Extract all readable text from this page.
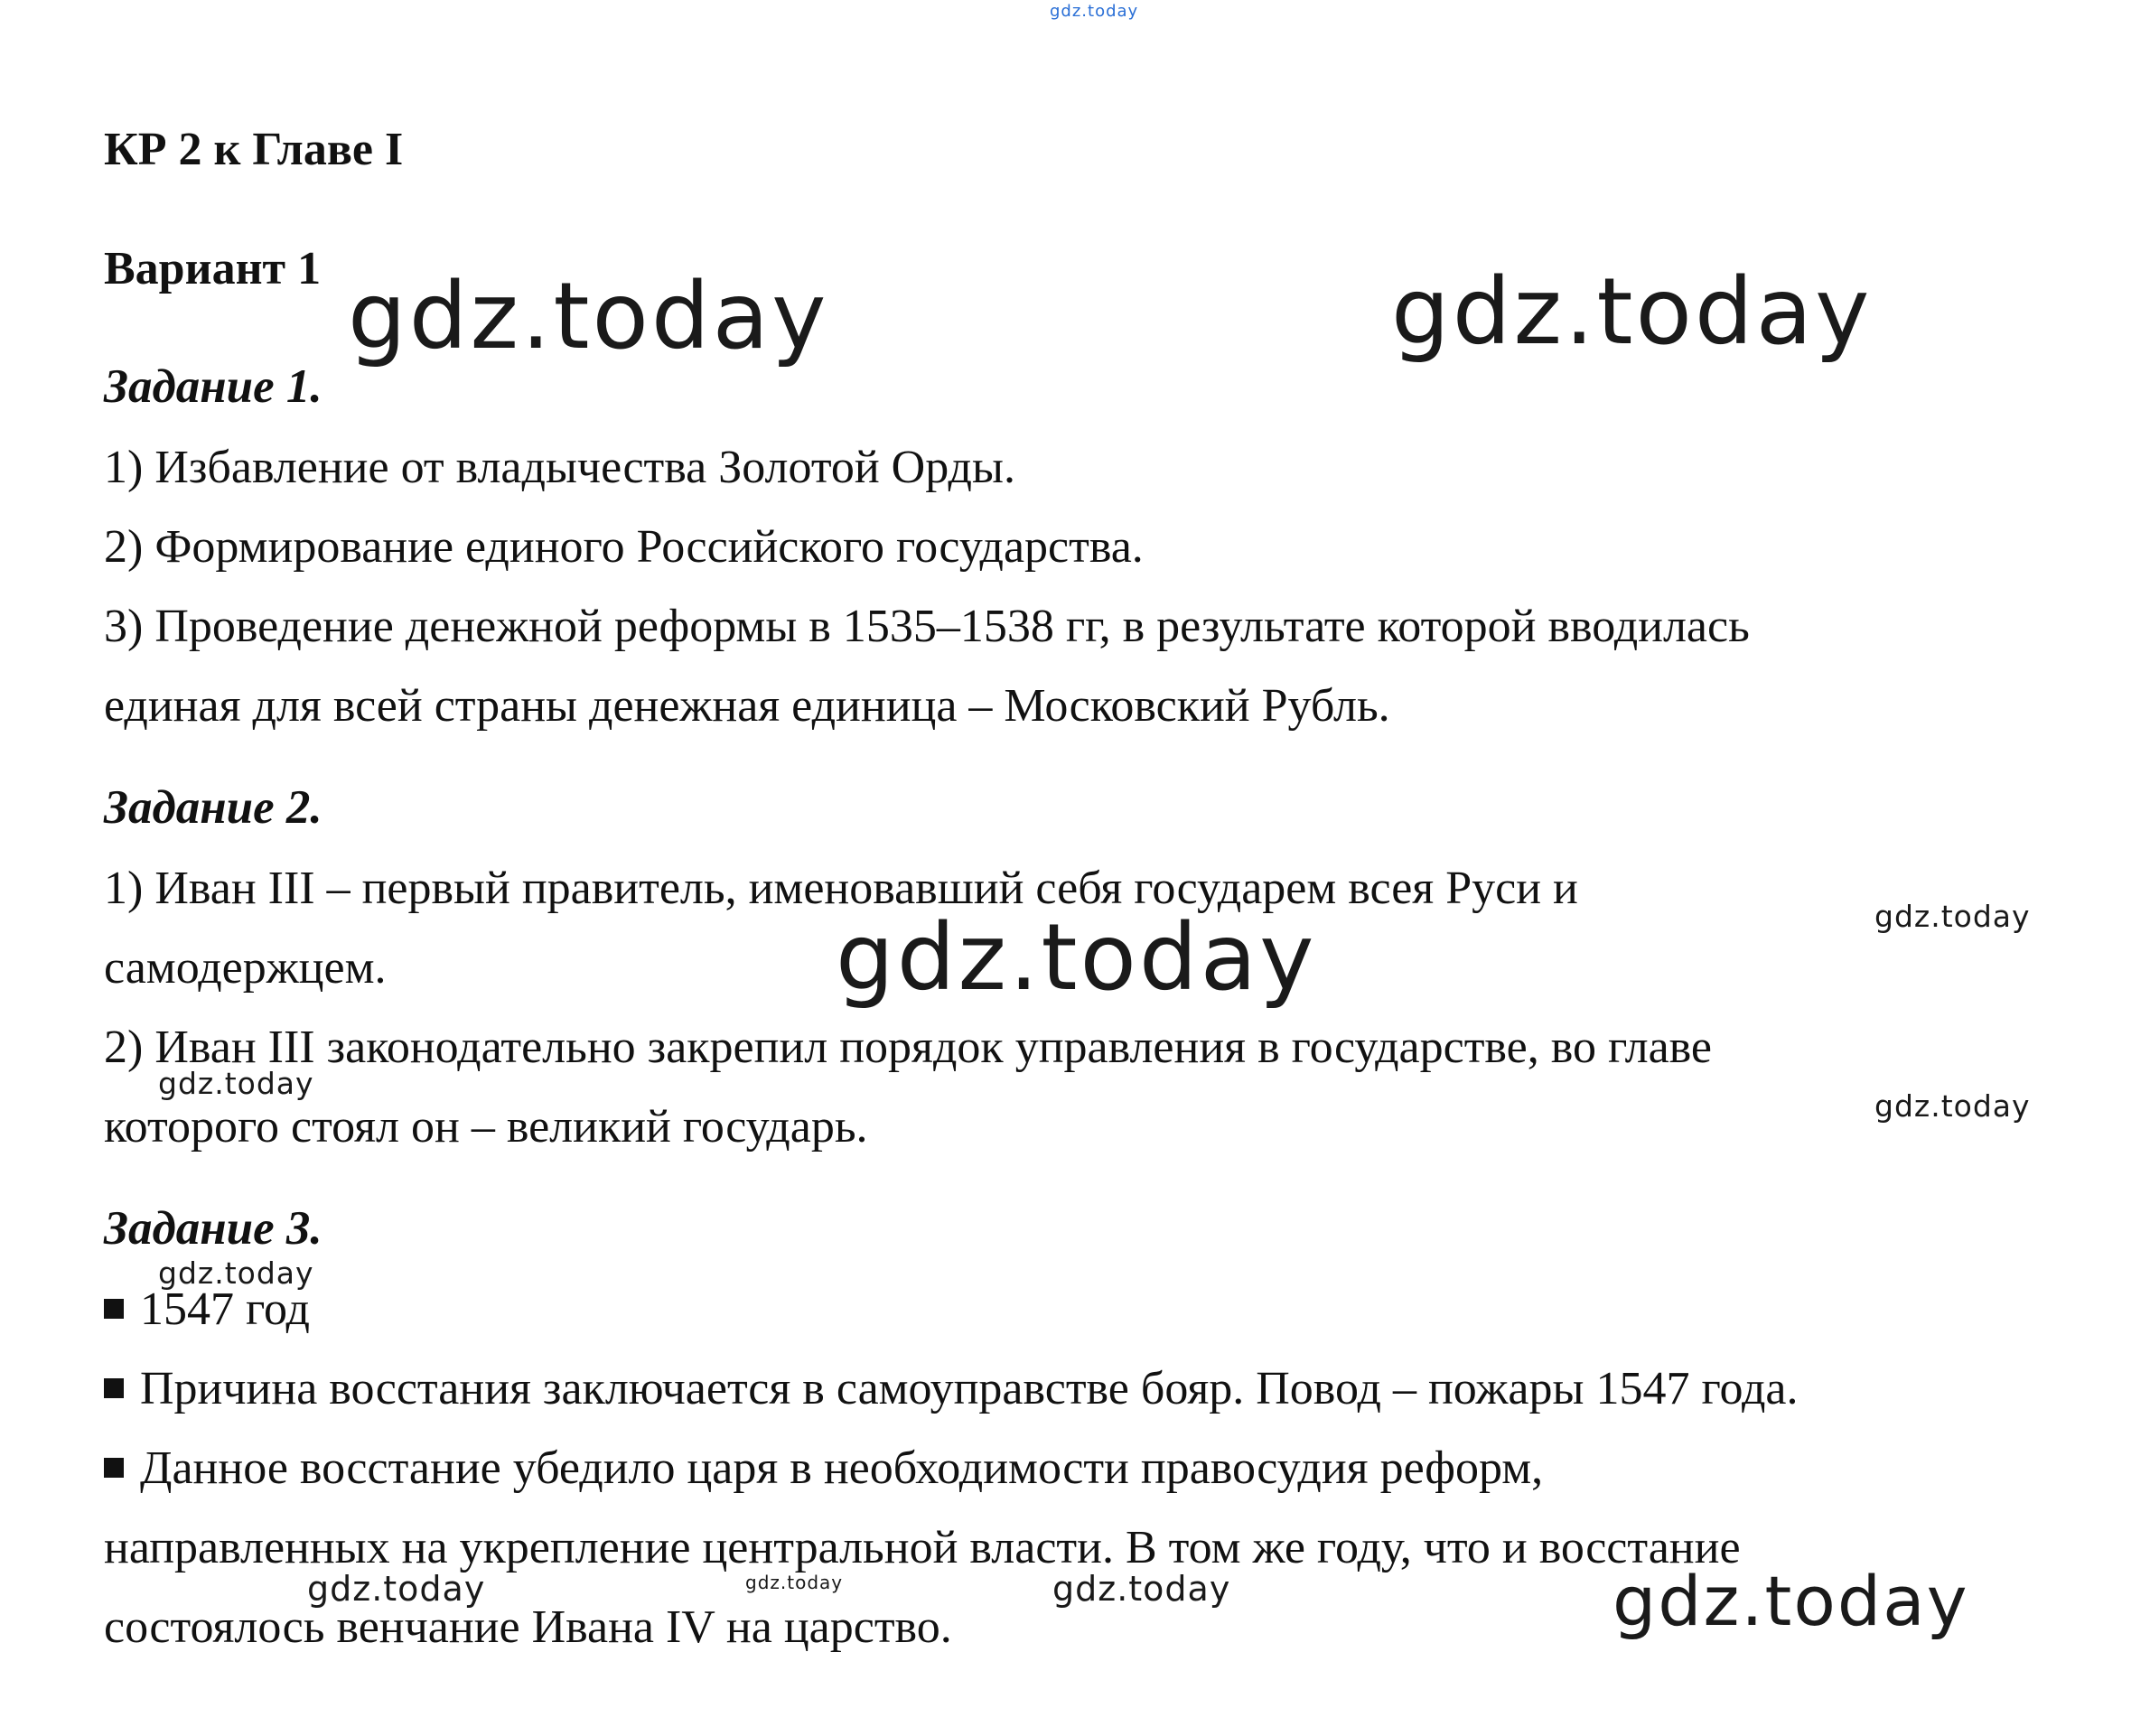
gdz.today
КР 2 к Главе I
Вариант 1
Задание 1.
1) Избавление от владычества Золотой Орды.
2) Формирование единого Российского государства.
3) Проведение денежной реформы в 1535–1538 гг, в результате которой вводилась
единая для всей страны денежная единица – Московский Рубль.
Задание 2.
1) Иван III – первый правитель, именовавший себя государем всея Руси и
самодержцем.
2) Иван III законодательно закрепил порядок управления в государстве, во главе
которого стоял он – великий государь.
Задание 3.
1547 год
Причина восстания заключается в самоуправстве бояр. Повод – пожары 1547 года.
Данное восстание убедило царя в необходимости правосудия реформ,
направленных на укрепление центральной власти. В том же году, что и восстание
состоялось венчание Ивана IV на царство.
gdz.today	gdz.today
gdz.today	gdz.today
gdz.today
gdz.today
gdz.today
gdz.today	gdz.today	gdz.today	gdz.today
